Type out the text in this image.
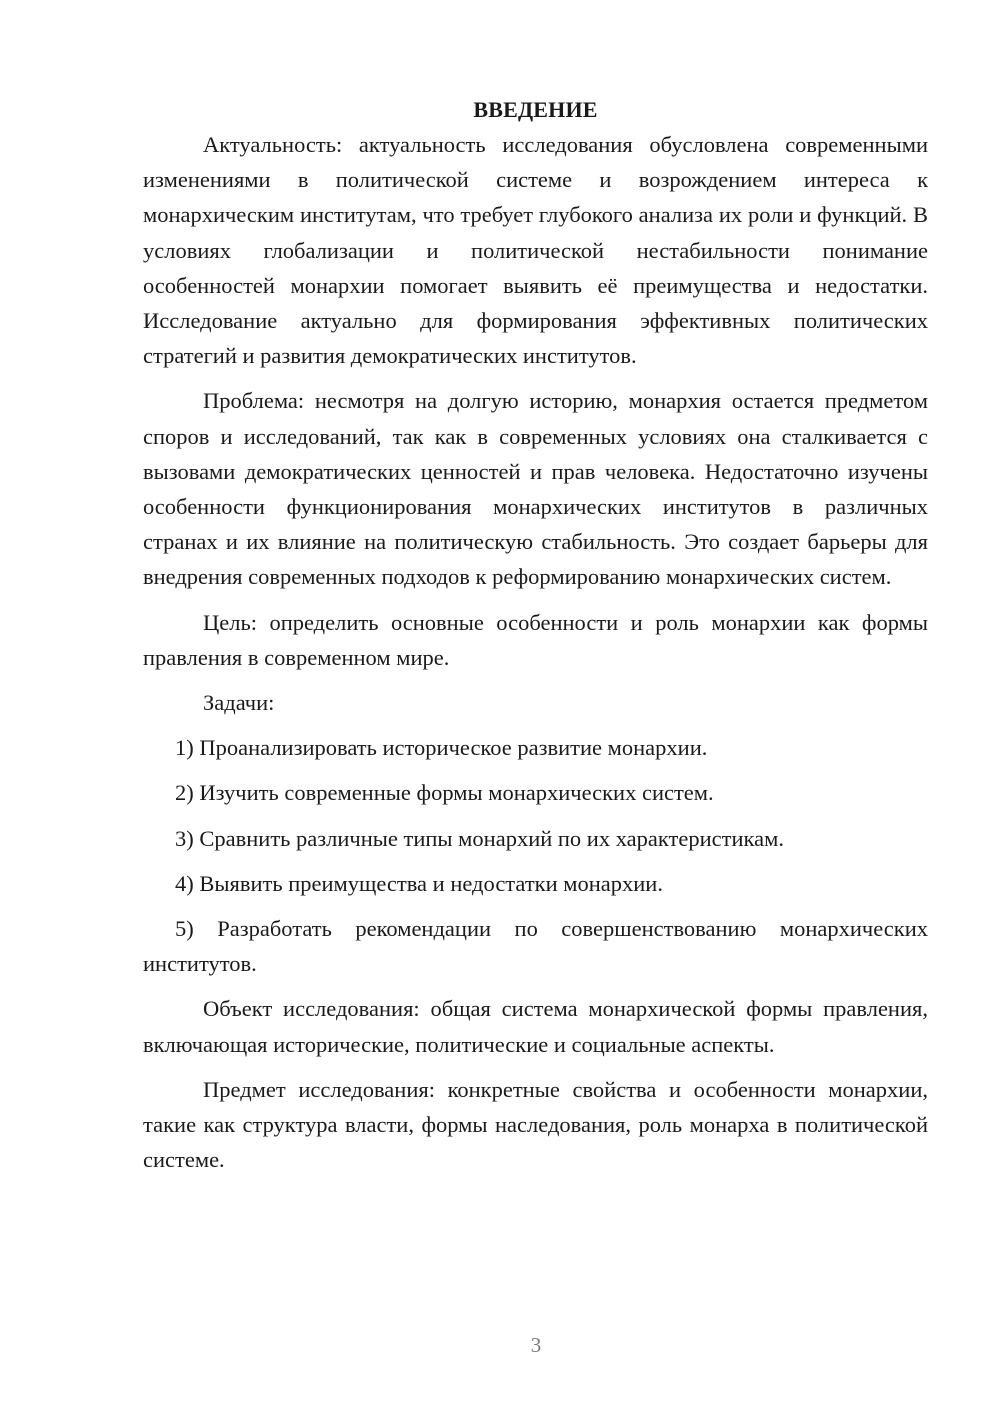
ВВЕДЕНИЕ

Актуальность: актуальность исследования обусловлена современными изменениями в политической системе и возрождением интереса к монархическим институтам, что требует глубокого анализа их роли и функций. В условиях глобализации и политической нестабильности понимание особенностей монархии помогает выявить её преимущества и недостатки. Исследование актуально для формирования эффективных политических стратегий и развития демократических институтов.

Проблема: несмотря на долгую историю, монархия остается предметом споров и исследований, так как в современных условиях она сталкивается с вызовами демократических ценностей и прав человека. Недостаточно изучены особенности функционирования монархических институтов в различных странах и их влияние на политическую стабильность. Это создает барьеры для внедрения современных подходов к реформированию монархических систем.

Цель: определить основные особенности и роль монархии как формы правления в современном мире.

Задачи:

1) Проанализировать историческое развитие монархии.

2) Изучить современные формы монархических систем.

3) Сравнить различные типы монархий по их характеристикам.

4) Выявить преимущества и недостатки монархии.

5) Разработать рекомендации по совершенствованию монархических институтов.

Объект исследования: общая система монархической формы правления, включающая исторические, политические и социальные аспекты.

Предмет исследования: конкретные свойства и особенности монархии, такие как структура власти, формы наследования, роль монарха в политической системе.

3
